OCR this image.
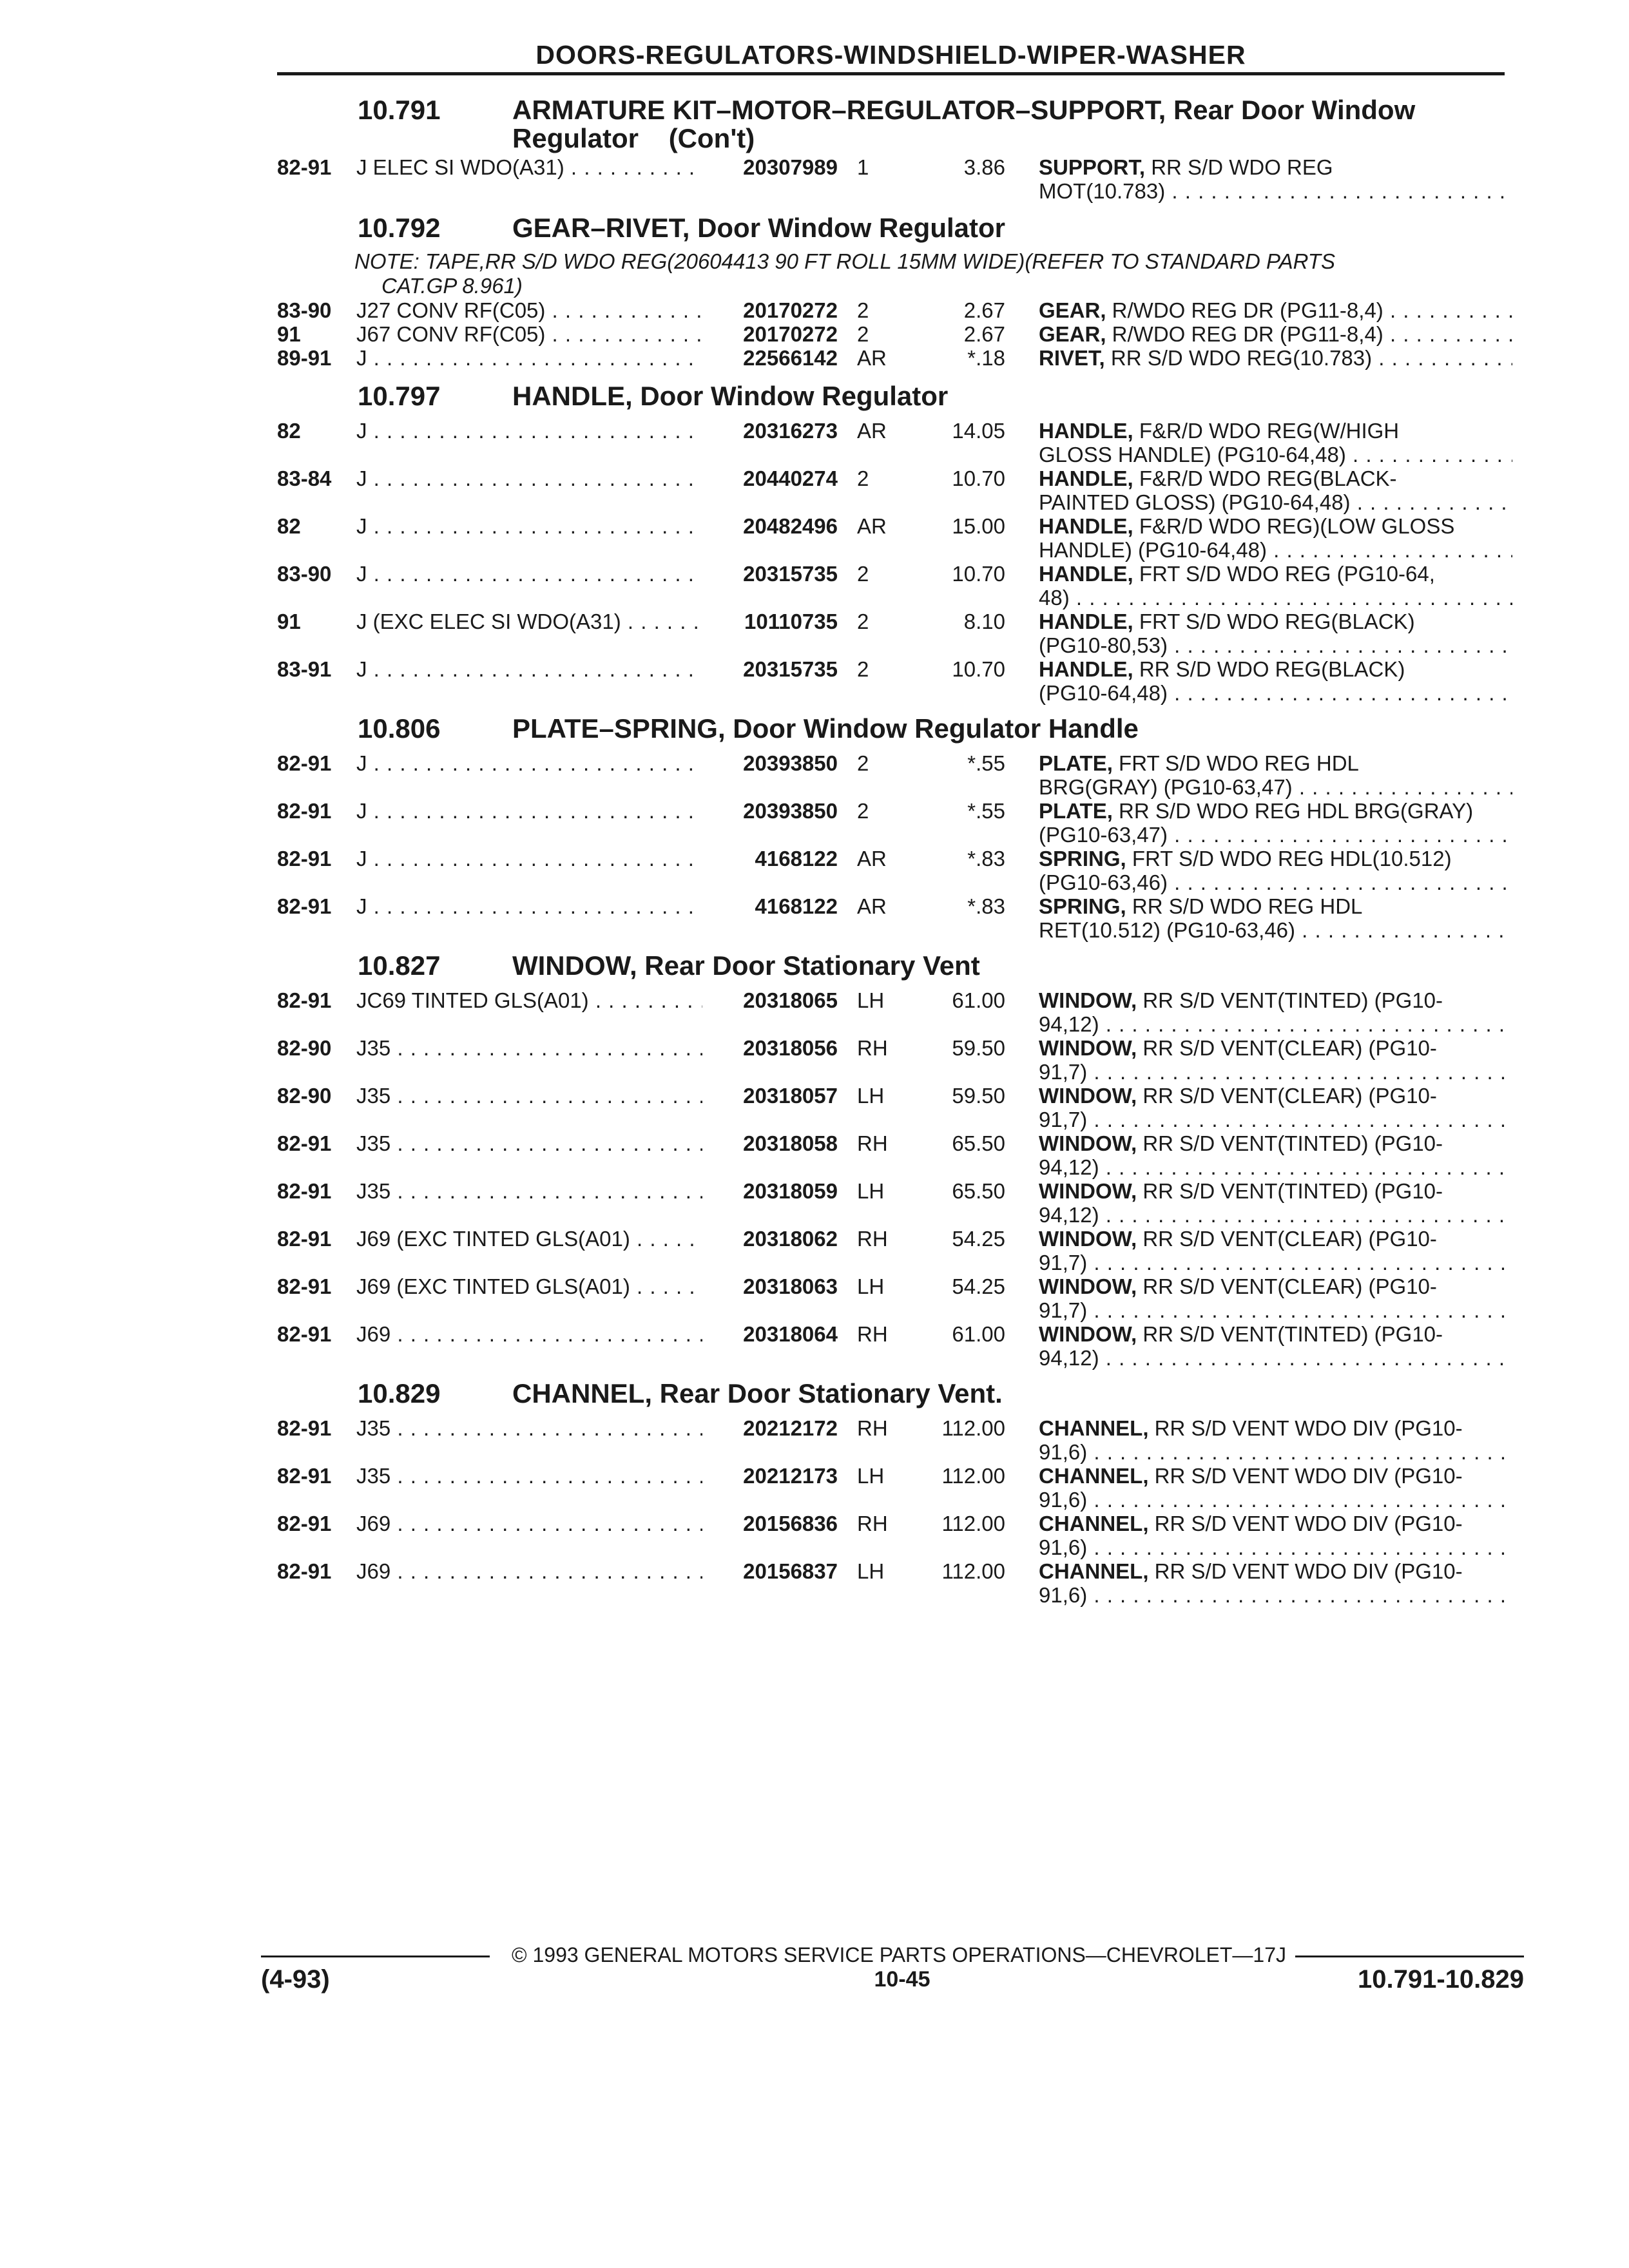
DOORS-REGULATORS-WINDSHIELD-WIPER-WASHER
10.791	ARMATURE KIT–MOTOR–REGULATOR–SUPPORT, Rear Door Window
Regulator    (Con't)
82-91 J ELEC SI WDO(A31) . . .	20307989 1	3.86 SUPPORT, RR S/D WDO REG
MOT(10.783) . . .
10.792	GEAR–RIVET, Door Window Regulator
NOTE: TAPE,RR S/D WDO REG(20604413 90 FT ROLL 15MM WIDE)(REFER TO STANDARD PARTS
CAT.GP 8.961)
83-90 J27 CONV RF(C05) . . .	20170272 2	2.67 GEAR, R/WDO REG DR (PG11-8,4) . . .
91	J67 CONV RF(C05) . . .	20170272 2	2.67 GEAR, R/WDO REG DR (PG11-8,4) . . .
89-91 J . . .	22566142 AR	*.18 RIVET, RR S/D WDO REG(10.783) . . .
10.797	HANDLE, Door Window Regulator
82	J . . .	20316273 AR	14.05 HANDLE, F&R/D WDO REG(W/HIGH
GLOSS HANDLE) (PG10-64,48) . . .
83-84 J . . .	20440274 2	10.70 HANDLE, F&R/D WDO REG(BLACK-
PAINTED GLOSS) (PG10-64,48) . . .
82	J . . .	20482496 AR	15.00 HANDLE, F&R/D WDO REG)(LOW GLOSS
HANDLE) (PG10-64,48) . . .
83-90 J . . .	20315735 2	10.70 HANDLE, FRT S/D WDO REG (PG10-64,
48) . . .
91	J (EXC ELEC SI WDO(A31) . . .	10110735 2	8.10 HANDLE, FRT S/D WDO REG(BLACK)
(PG10-80,53) . . .
83-91 J . . .	20315735 2	10.70 HANDLE, RR S/D WDO REG(BLACK)
(PG10-64,48) . . .
10.806	PLATE–SPRING, Door Window Regulator Handle
82-91 J . . .	20393850 2	*.55 PLATE, FRT S/D WDO REG HDL
BRG(GRAY) (PG10-63,47) . . .
82-91 J . . .	20393850 2	*.55 PLATE, RR S/D WDO REG HDL BRG(GRAY)
(PG10-63,47) . . .
82-91 J . . .	4168122 AR	*.83 SPRING, FRT S/D WDO REG HDL(10.512)
(PG10-63,46) . . .
82-91 J . . .	4168122 AR	*.83 SPRING, RR S/D WDO REG HDL
RET(10.512) (PG10-63,46) . . .
10.827	WINDOW, Rear Door Stationary Vent
82-91 JC69 TINTED GLS(A01) . . .	20318065 LH	61.00 WINDOW, RR S/D VENT(TINTED) (PG10-
94,12) . . .
82-90 J35 . . .	20318056 RH	59.50 WINDOW, RR S/D VENT(CLEAR) (PG10-
91,7) . . .
82-90 J35 . . .	20318057 LH	59.50 WINDOW, RR S/D VENT(CLEAR) (PG10-
91,7) . . .
82-91 J35 . . .	20318058 RH	65.50 WINDOW, RR S/D VENT(TINTED) (PG10-
94,12) . . .
82-91 J35 . . .	20318059 LH	65.50 WINDOW, RR S/D VENT(TINTED) (PG10-
94,12) . . .
82-91 J69 (EXC TINTED GLS(A01) . . .	20318062 RH	54.25 WINDOW, RR S/D VENT(CLEAR) (PG10-
91,7) . . .
82-91 J69 (EXC TINTED GLS(A01) . . .	20318063 LH	54.25 WINDOW, RR S/D VENT(CLEAR) (PG10-
91,7) . . .
82-91 J69 . . .	20318064 RH	61.00 WINDOW, RR S/D VENT(TINTED) (PG10-
94,12) . . .
10.829	CHANNEL, Rear Door Stationary Vent.
82-91 J35 . . .	20212172 RH	112.00 CHANNEL, RR S/D VENT WDO DIV (PG10-
91,6) . . .
82-91 J35 . . .	20212173 LH	112.00 CHANNEL, RR S/D VENT WDO DIV (PG10-
91,6) . . .
82-91 J69 . . .	20156836 RH	112.00 CHANNEL, RR S/D VENT WDO DIV (PG10-
91,6) . . .
82-91 J69 . . .	20156837 LH	112.00 CHANNEL, RR S/D VENT WDO DIV (PG10-
91,6) . . .
© 1993 GENERAL MOTORS SERVICE PARTS OPERATIONS—CHEVROLET—17J
(4-93)	10-45	10.791-10.829
